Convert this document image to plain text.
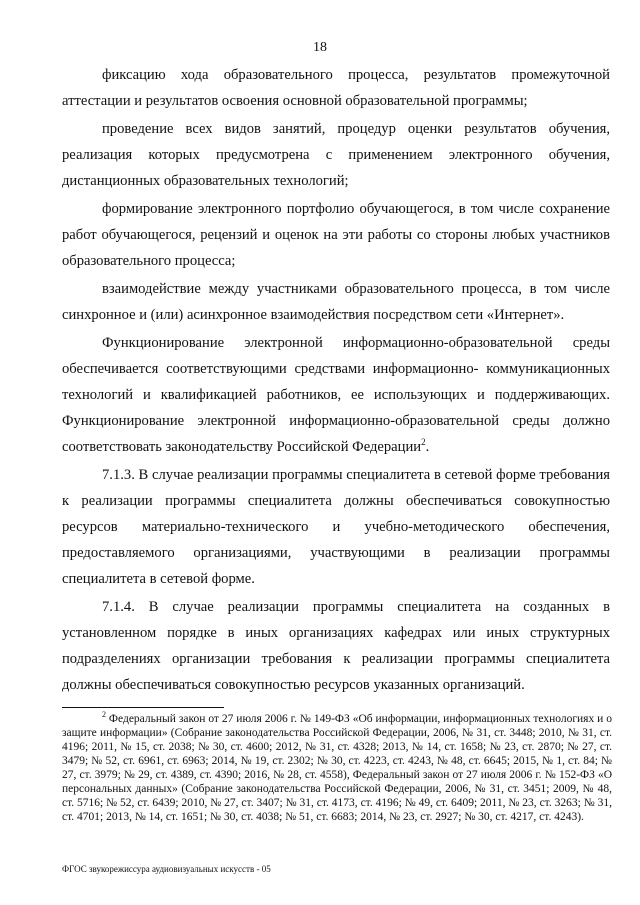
18

фиксацию хода образовательного процесса, результатов промежуточной аттестации и результатов освоения основной образовательной программы;

проведение всех видов занятий, процедур оценки результатов обучения, реализация которых предусмотрена с применением электронного обучения, дистанционных образовательных технологий;

формирование электронного портфолио обучающегося, в том числе сохранение работ обучающегося, рецензий и оценок на эти работы со стороны любых участников образовательного процесса;

взаимодействие между участниками образовательного процесса, в том числе синхронное и (или) асинхронное взаимодействия посредством сети «Интернет».

Функционирование электронной информационно-образовательной среды обеспечивается соответствующими средствами информационно- коммуникационных технологий и квалификацией работников, ее использующих и поддерживающих. Функционирование электронной информационно-образовательной среды должно соответствовать законодательству Российской Федерации$^2$.

7.1.3. В случае реализации программы специалитета в сетевой форме требования к реализации программы специалитета должны обеспечиваться совокупностью ресурсов материально-технического и учебно-методического обеспечения, предоставляемого организациями, участвующими в реализации программы специалитета в сетевой форме.

7.1.4. В случае реализации программы специалитета на созданных в установленном порядке в иных организациях кафедрах или иных структурных подразделениях организации требования к реализации программы специалитета должны обеспечиваться совокупностью ресурсов указанных организаций.

$^2$ Федеральный закон от 27 июля 2006 г. № 149-ФЗ «Об информации, информационных технологиях и о защите информации» (Собрание законодательства Российской Федерации, 2006, № 31, ст. 3448; 2010, № 31, ст. 4196; 2011, № 15, ст. 2038; № 30, ст. 4600; 2012, № 31, ст. 4328; 2013, № 14, ст. 1658; № 23, ст. 2870; № 27, ст. 3479; № 52, ст. 6961, ст. 6963; 2014, № 19, ст. 2302; № 30, ст. 4223, ст. 4243, № 48, ст. 6645; 2015, № 1, ст. 84; № 27, ст. 3979; № 29, ст. 4389, ст. 4390; 2016, № 28, ст. 4558), Федеральный закон от 27 июля 2006 г. № 152-ФЗ «О персональных данных» (Собрание законодательства Российской Федерации, 2006, № 31, ст. 3451; 2009, № 48, ст. 5716; № 52, ст. 6439; 2010, № 27, ст. 3407; № 31, ст. 4173, ст. 4196; № 49, ст. 6409; 2011, № 23, ст. 3263; № 31, ст. 4701; 2013, № 14, ст. 1651; № 30, ст. 4038; № 51, ст. 6683; 2014, № 23, ст. 2927; № 30, ст. 4217, ст. 4243).

ФГОС звукорежиссура аудиовизуальных искусств - 05
